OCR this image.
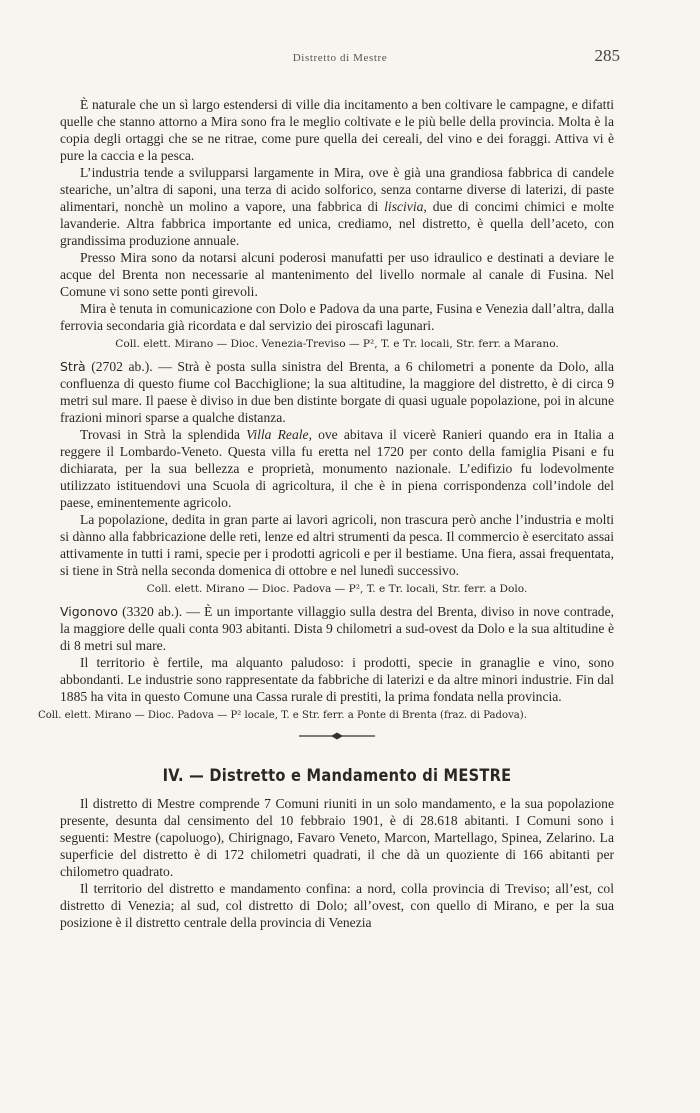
Distretto di Mestre	285

È naturale che un sì largo estendersi di ville dia incitamento a ben coltivare le campagne, e difatti quelle che stanno attorno a Mira sono fra le meglio coltivate e le più belle della provincia. Molta è la copia degli ortaggi che se ne ritrae, come pure quella dei cereali, del vino e dei foraggi. Attiva vi è pure la caccia e la pesca.

L’industria tende a svilupparsi largamente in Mira, ove è già una grandiosa fabbrica di candele stearichе, un’altra di saponi, una terza di acido solforico, senza contarne diverse di laterizi, di paste alimentari, nonchè un molino a vapore, una fabbrica di liscivia, due di concimi chimici e molte lavanderie. Altra fabbrica importante ed unica, crediamo, nel distretto, è quella dell’aceto, con grandissima produzione annuale.

Presso Mira sono da notarsi alcuni poderosi manufatti per uso idraulico e destinati a deviare le acque del Brenta non necessarie al mantenimento del livello normale al canale di Fusina. Nel Comune vi sono sette ponti girevoli.

Mira è tenuta in comunicazione con Dolo e Padova da una parte, Fusina e Venezia dall’altra, dalla ferrovia secondaria già ricordata e dal servizio dei piroscafi lagunari.

Coll. elett. Mirano — Dioc. Venezia-Treviso — P², T. e Tr. locali, Str. ferr. a Marano.

Strà (2702 ab.). — Strà è posta sulla sinistra del Brenta, a 6 chilometri a ponente da Dolo, alla confluenza di questo fiume col Bacchiglione; la sua altitudine, la maggiore del distretto, è di circa 9 metri sul mare. Il paese è diviso in due ben distinte borgate di quasi uguale popolazione, poi in alcune frazioni minori sparse a qualche distanza.

Trovasi in Strà la splendida Villa Reale, ove abitava il vicerè Ranieri quando era in Italia a reggere il Lombardo-Veneto. Questa villa fu eretta nel 1720 per conto della famiglia Pisani e fu dichiarata, per la sua bellezza e proprietà, monumento nazionale. L’edifizio fu lodevolmente utilizzato istituendovi una Scuola di agricoltura, il che è in piena corrispondenza coll’indole del paese, eminentemente agricolo.

La popolazione, dedita in gran parte ai lavori agricoli, non trascura però anche l’industria e molti si dànno alla fabbricazione delle reti, lenze ed altri strumenti da pesca. Il commercio è esercitato assai attivamente in tutti i rami, specie per i prodotti agricoli e per il bestiame. Una fiera, assai frequentata, si tiene in Strà nella seconda domenica di ottobre e nel lunedì successivo.

Coll. elett. Mirano — Dioc. Padova — P², T. e Tr. locali, Str. ferr. a Dolo.

Vigonovo (3320 ab.). — È un importante villaggio sulla destra del Brenta, diviso in nove contrade, la maggiore delle quali conta 903 abitanti. Dista 9 chilometri a sud-ovest da Dolo e la sua altitudine è di 8 metri sul mare.

Il territorio è fertile, ma alquanto paludoso: i prodotti, specie in granaglie e vino, sono abbondanti. Le industrie sono rappresentate da fabbriche di laterizi e da altre minori industrie. Fin dal 1885 ha vita in questo Comune una Cassa rurale di prestiti, la prima fondata nella provincia.

Coll. elett. Mirano — Dioc. Padova — P² locale, T. e Str. ferr. a Ponte di Brenta (fraz. di Padova).
IV. — Distretto e Mandamento di MESTRE

Il distretto di Mestre comprende 7 Comuni riuniti in un solo mandamento, e la sua popolazione presente, desunta dal censimento del 10 febbraio 1901, è di 28.618 abitanti. I Comuni sono i seguenti: Mestre (capoluogo), Chirignago, Favaro Veneto, Marcon, Martellago, Spinea, Zelarino. La superficie del distretto è di 172 chilometri quadrati, il che dà un quoziente di 166 abitanti per chilometro quadrato.

Il territorio del distretto e mandamento confina: a nord, colla provincia di Treviso; all’est, col distretto di Venezia; al sud, col distretto di Dolo; all’ovest, con quello di Mirano, e per la sua posizione è il distretto centrale della provincia di Venezia
